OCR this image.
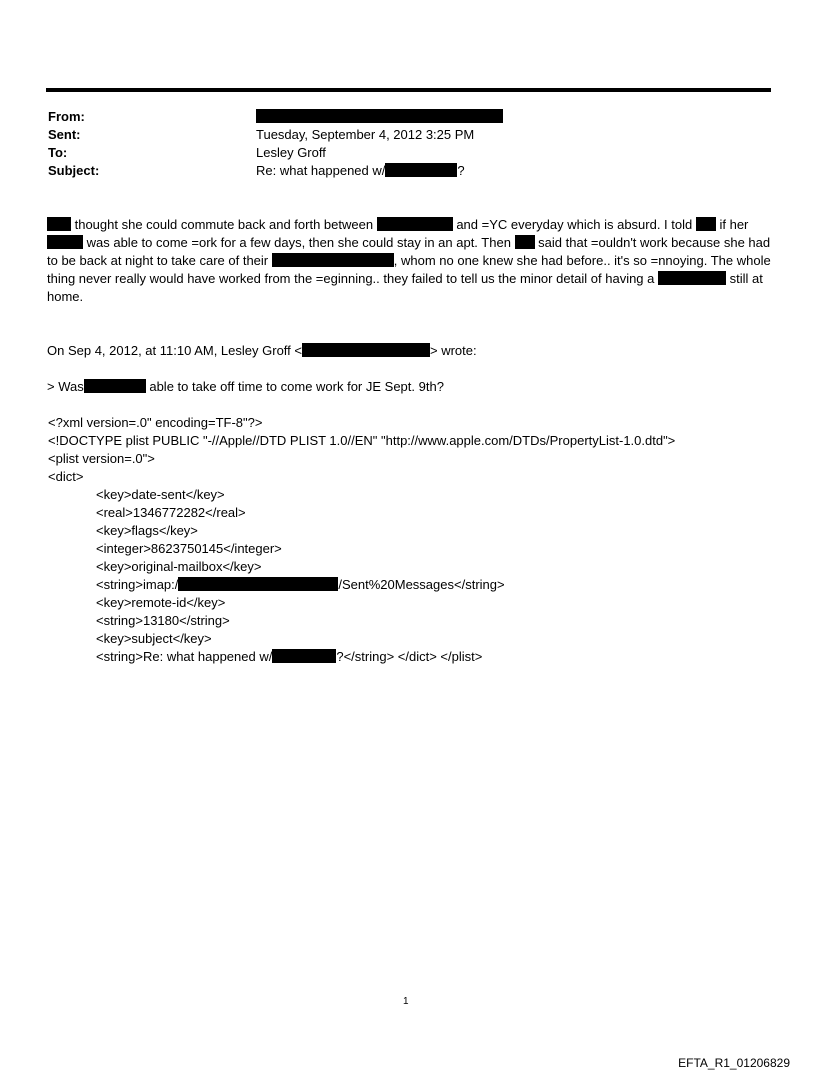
From:
Sent:	Tuesday, September 4, 2012 3:25 PM
To:	Lesley Groff
Subject:	Re: what happened w/	?
thought she could commute back and forth between	and =YC everyday which is absurd. I told  if her
was able to come =ork for a few days, then she could stay in an apt. Then  said that =ouldn't work because she had to be back at night to take care of their	, whom no one knew she had before.. it's so =nnoying. The whole thing never really would have worked from the =eginning.. they failed to tell us the minor detail of having a	still at home.
On Sep 4, 2012, at 11:10 AM, Lesley Groff <	> wrote:
> Was	able to take off time to come work for JE Sept. 9th?
<?xml version=.0" encoding=TF-8"?>
<!DOCTYPE plist PUBLIC "-//Apple//DTD PLIST 1.0//EN" "http://www.apple.com/DTDs/PropertyList-1.0.dtd">
<plist version=.0">
<dict>
<key>date-sent</key>
<real>1346772282</real>
<key>flags</key>
<integer>8623750145</integer>
<key>original-mailbox</key>
<string>imap:/	/Sent%20Messages</string>
<key>remote-id</key>
<string>13180</string>
<key>subject</key>
<string>Re: what happened w/	?</string> </dict> </plist>
1
EFTA_R1_01206829
